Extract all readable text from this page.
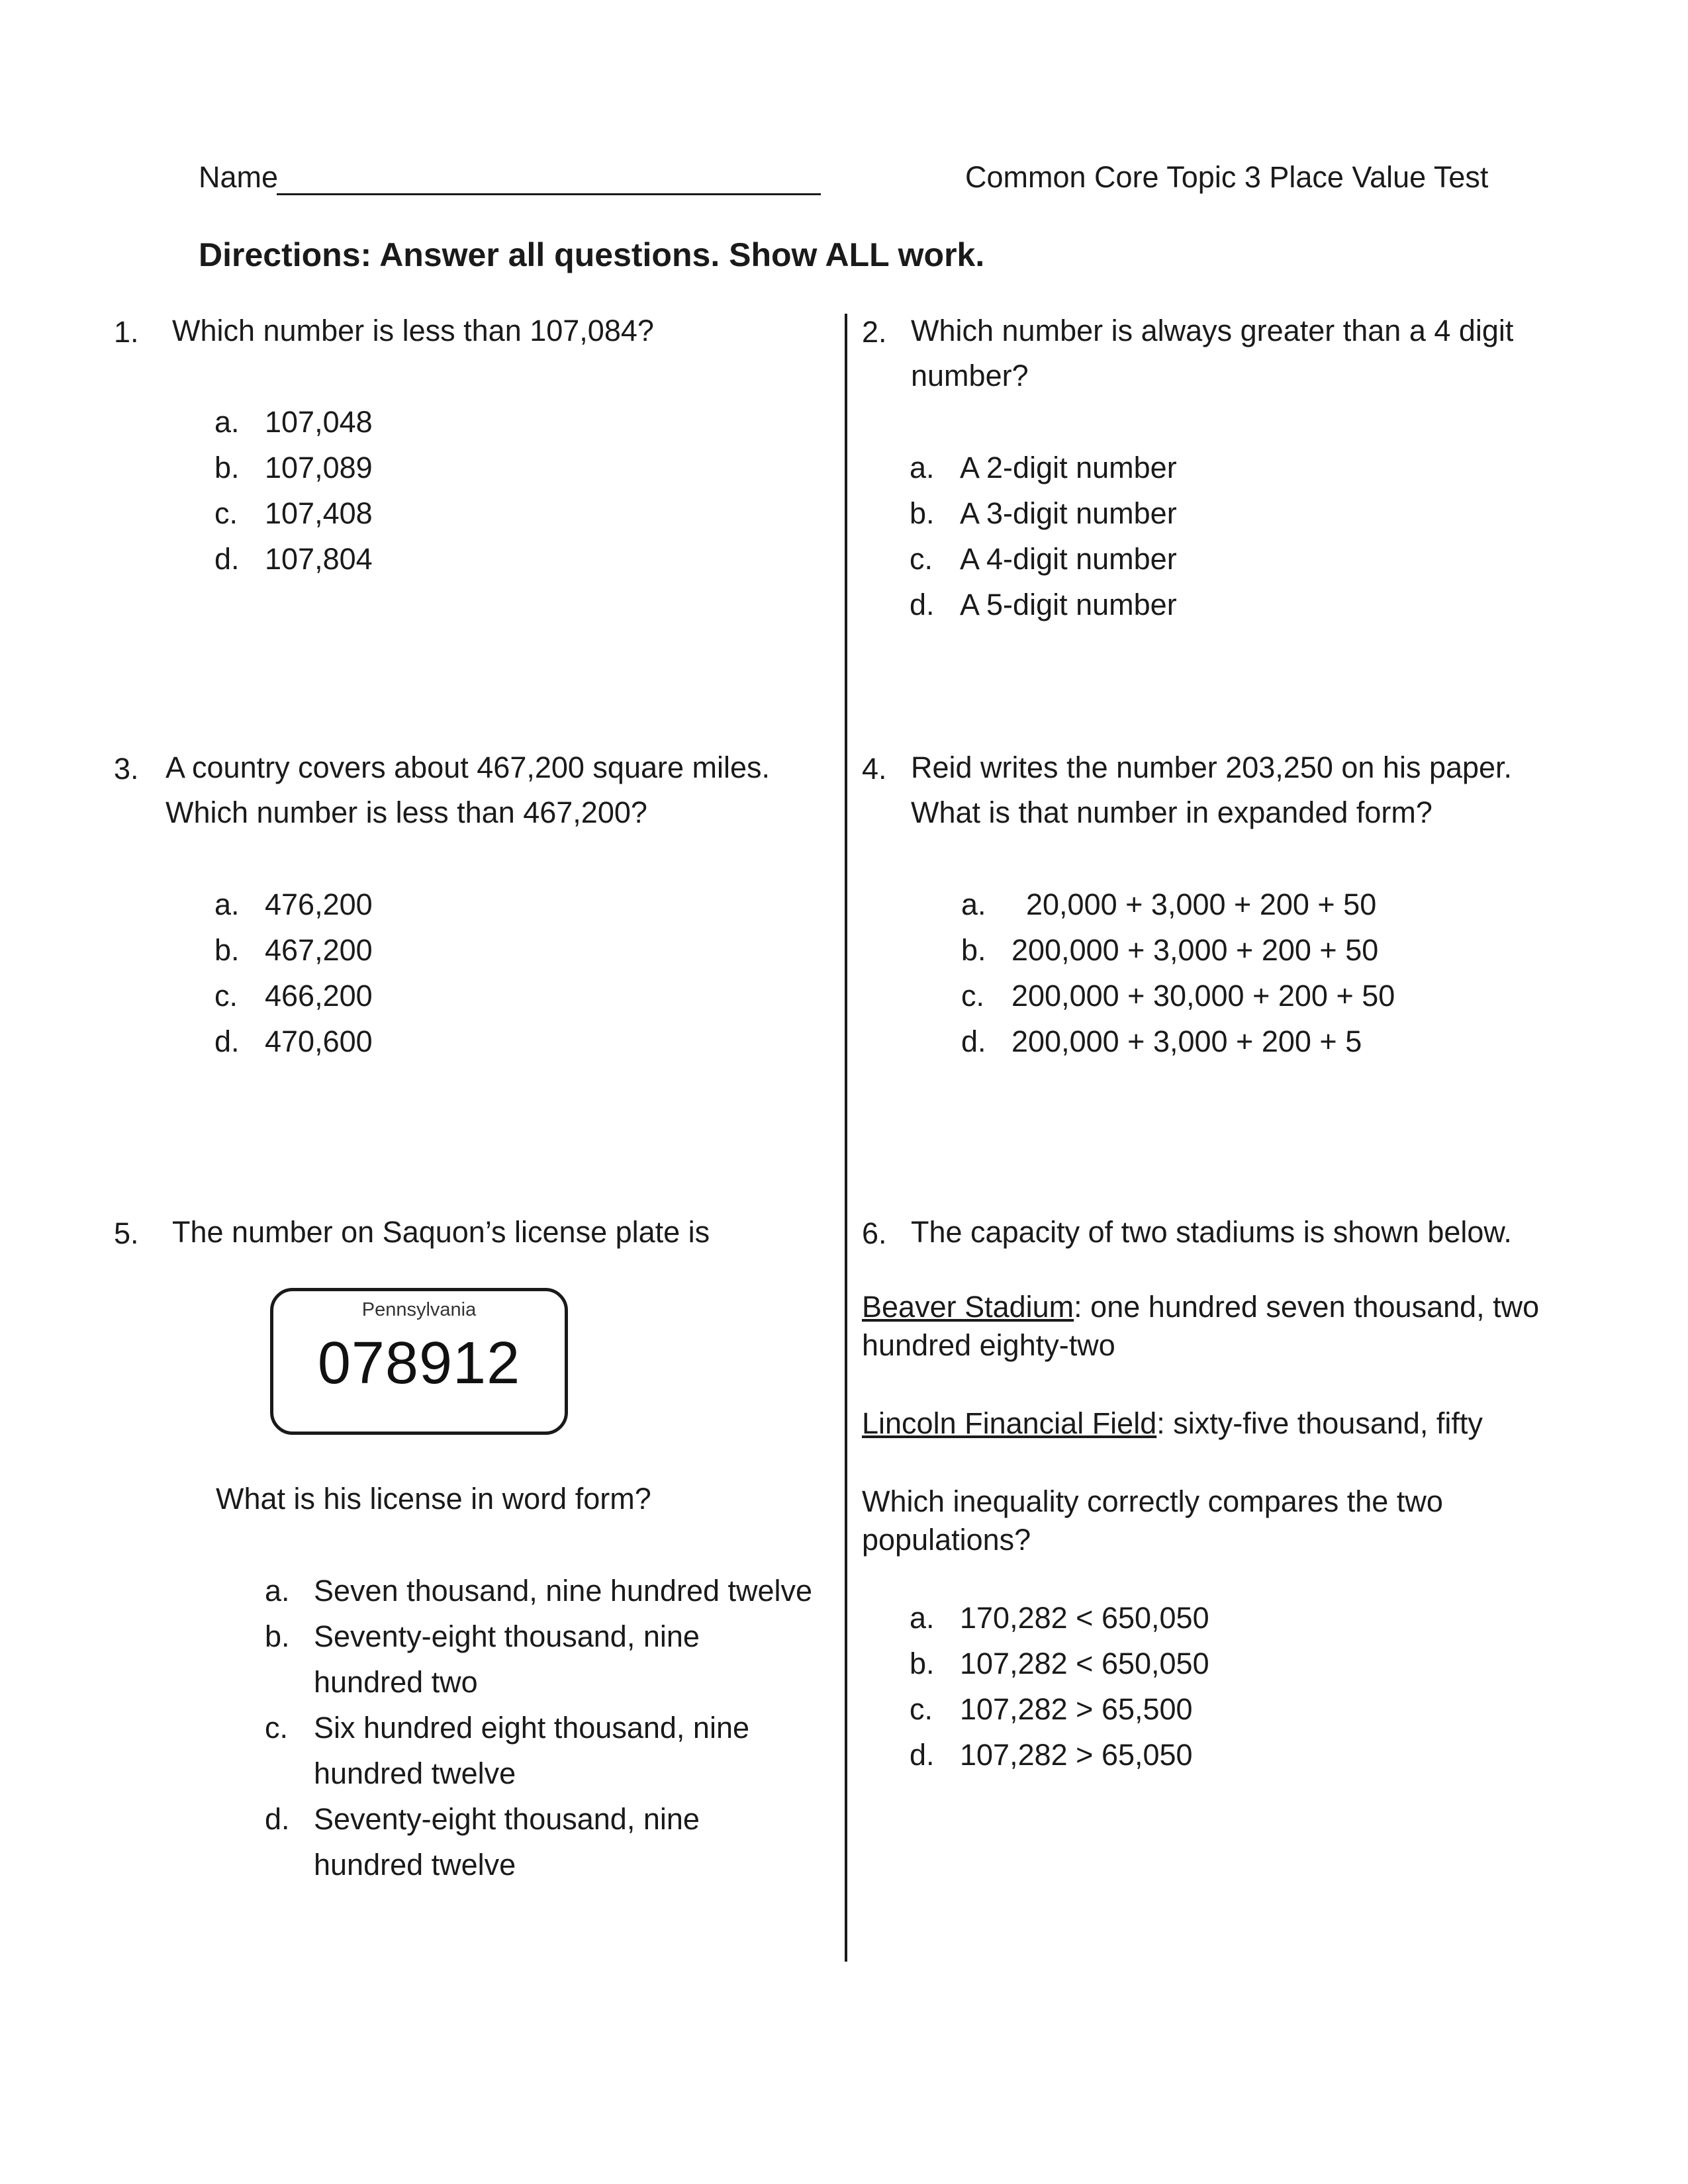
Name	Common Core Topic 3 Place Value Test
Directions: Answer all questions. Show ALL work.
1. Which number is less than 107,084?
a. 107,048
b. 107,089
c. 107,408
d. 107,804
2. Which number is always greater than a 4 digit
number?
a. A 2-digit number
b. A 3-digit number
c. A 4-digit number
d. A 5-digit number
3. A country covers about 467,200 square miles.
Which number is less than 467,200?
a. 476,200
b. 467,200
c. 466,200
d. 470,600
4. Reid writes the number 203,250 on his paper.
What is that number in expanded form?
a. 20,000 + 3,000 + 200 + 50
b. 200,000 + 3,000 + 200 + 50
c. 200,000 + 30,000 + 200 + 50
d. 200,000 + 3,000 + 200 + 5
5. The number on Saquon’s license plate is
Pennsylvania
078912
What is his license in word form?
a. Seven thousand, nine hundred twelve
b. Seventy-eight thousand, nine
hundred two
c. Six hundred eight thousand, nine
hundred twelve
d. Seventy-eight thousand, nine
hundred twelve
6. The capacity of two stadiums is shown below.
Beaver Stadium: one hundred seven thousand, two
hundred eighty-two
Lincoln Financial Field: sixty-five thousand, fifty
Which inequality correctly compares the two
populations?
a. 170,282 < 650,050
b. 107,282 < 650,050
c. 107,282 > 65,500
d. 107,282 > 65,050
